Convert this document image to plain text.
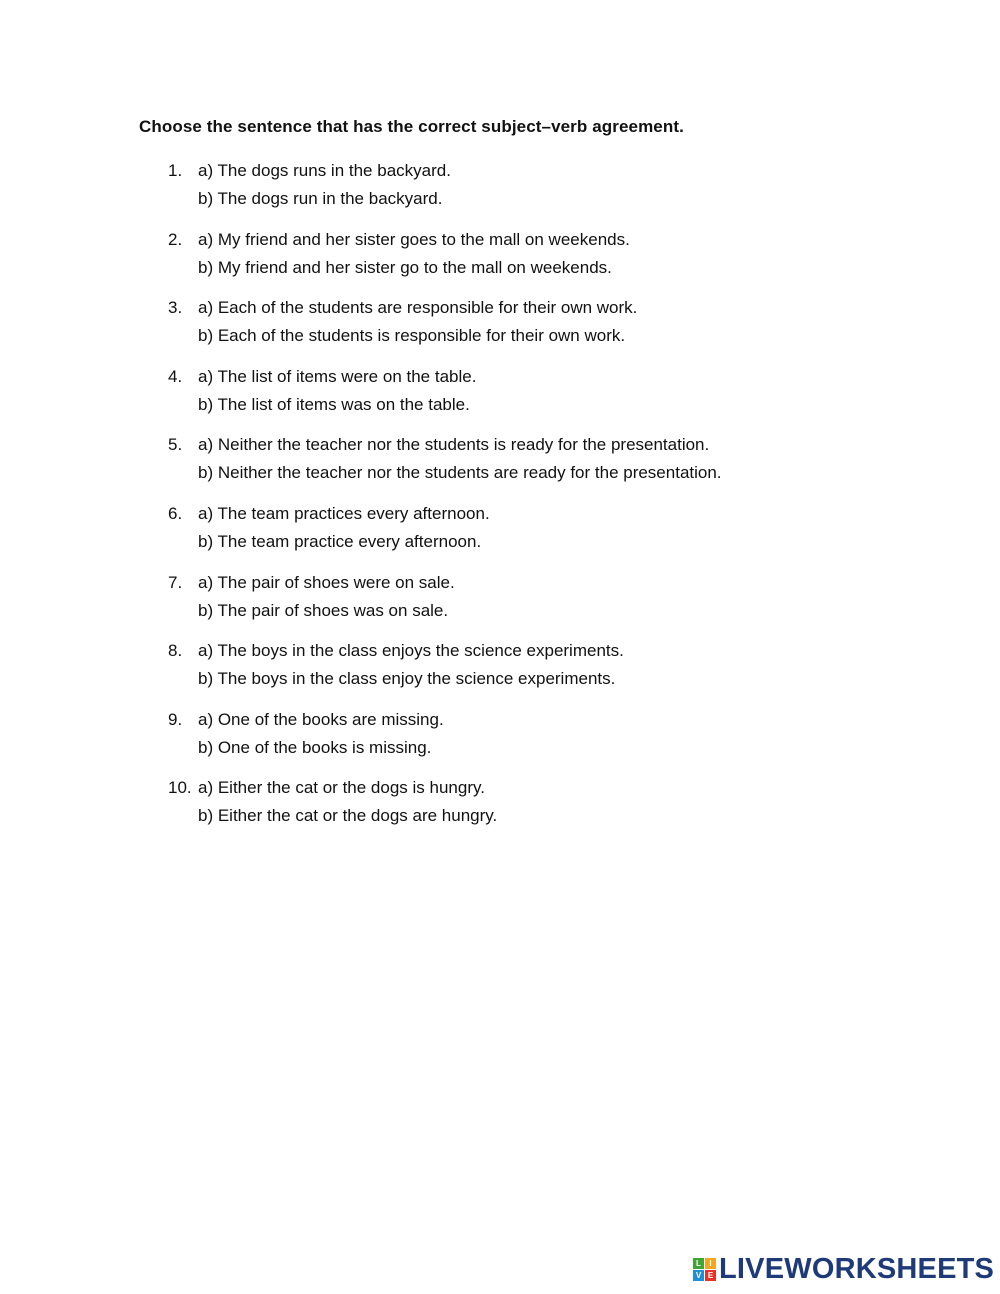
Choose the sentence that has the correct subject–verb agreement.
1. a) The dogs runs in the backyard.
b) The dogs run in the backyard.
2. a) My friend and her sister goes to the mall on weekends.
b) My friend and her sister go to the mall on weekends.
3. a) Each of the students are responsible for their own work.
b) Each of the students is responsible for their own work.
4. a) The list of items were on the table.
b) The list of items was on the table.
5. a) Neither the teacher nor the students is ready for the presentation.
b) Neither the teacher nor the students are ready for the presentation.
6. a) The team practices every afternoon.
b) The team practice every afternoon.
7. a) The pair of shoes were on sale.
b) The pair of shoes was on sale.
8. a) The boys in the class enjoys the science experiments.
b) The boys in the class enjoy the science experiments.
9. a) One of the books are missing.
b) One of the books is missing.
10. a) Either the cat or the dogs is hungry.
b) Either the cat or the dogs are hungry.
L	I
V E LIVEWORKSHEETS
